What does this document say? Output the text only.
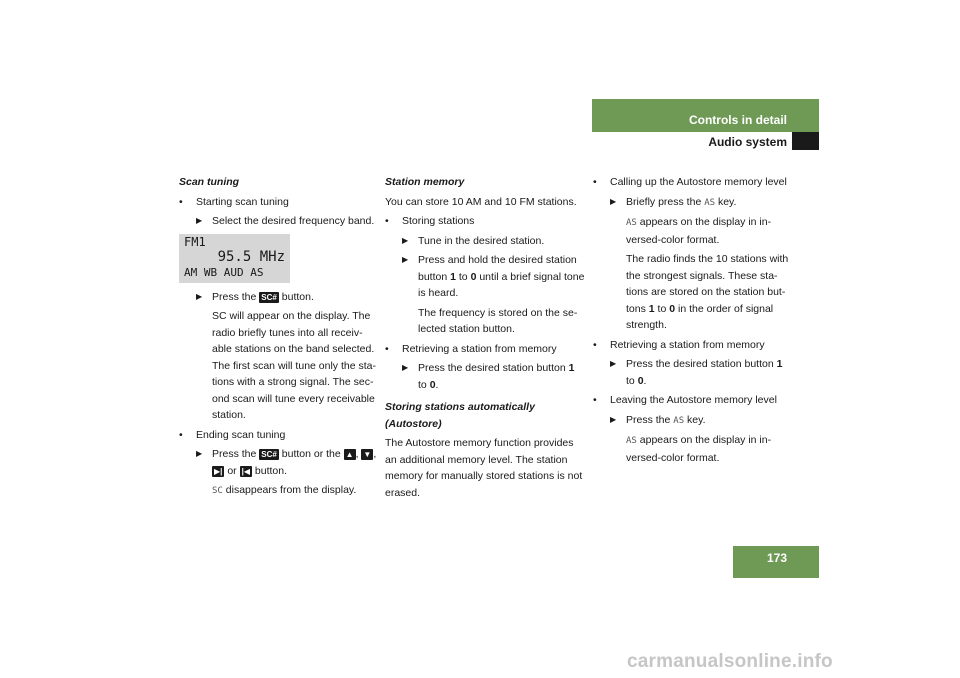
Controls in detail
Audio system
Scan tuning
• Starting scan tuning
▶ Select the desired frequency band.
FM1
95.5 MHz
AM WB AUD AS
▶ Press the SC# button.
SC will appear on the display. The radio briefly tunes into all receiv-able stations on the band selected. The first scan will tune only the sta-tions with a strong signal. The sec-ond scan will tune every receivable station.
• Ending scan tuning
▶ Press the SC# button or the ▲ , ▼ , ▶| or |◀ button.
SC disappears from the display.
Station memory
You can store 10 AM and 10 FM stations.
• Storing stations
▶ Tune in the desired station.
▶ Press and hold the desired station button 1 to 0 until a brief signal tone is heard.
The frequency is stored on the se-lected station button.
• Retrieving a station from memory
▶ Press the desired station button 1 to 0.
Storing stations automatically (Autostore)
The Autostore memory function provides an additional memory level. The station memory for manually stored stations is not erased.
• Calling up the Autostore memory level
▶ Briefly press the AS key.
AS appears on the display in in-versed-color format.
The radio finds the 10 stations with the strongest signals. These sta-tions are stored on the station but-tons 1 to 0 in the order of signal strength.
• Retrieving a station from memory
▶ Press the desired station button 1 to 0.
• Leaving the Autostore memory level
▶ Press the AS key.
AS appears on the display in in-versed-color format.
173
carmanualsonline.info
